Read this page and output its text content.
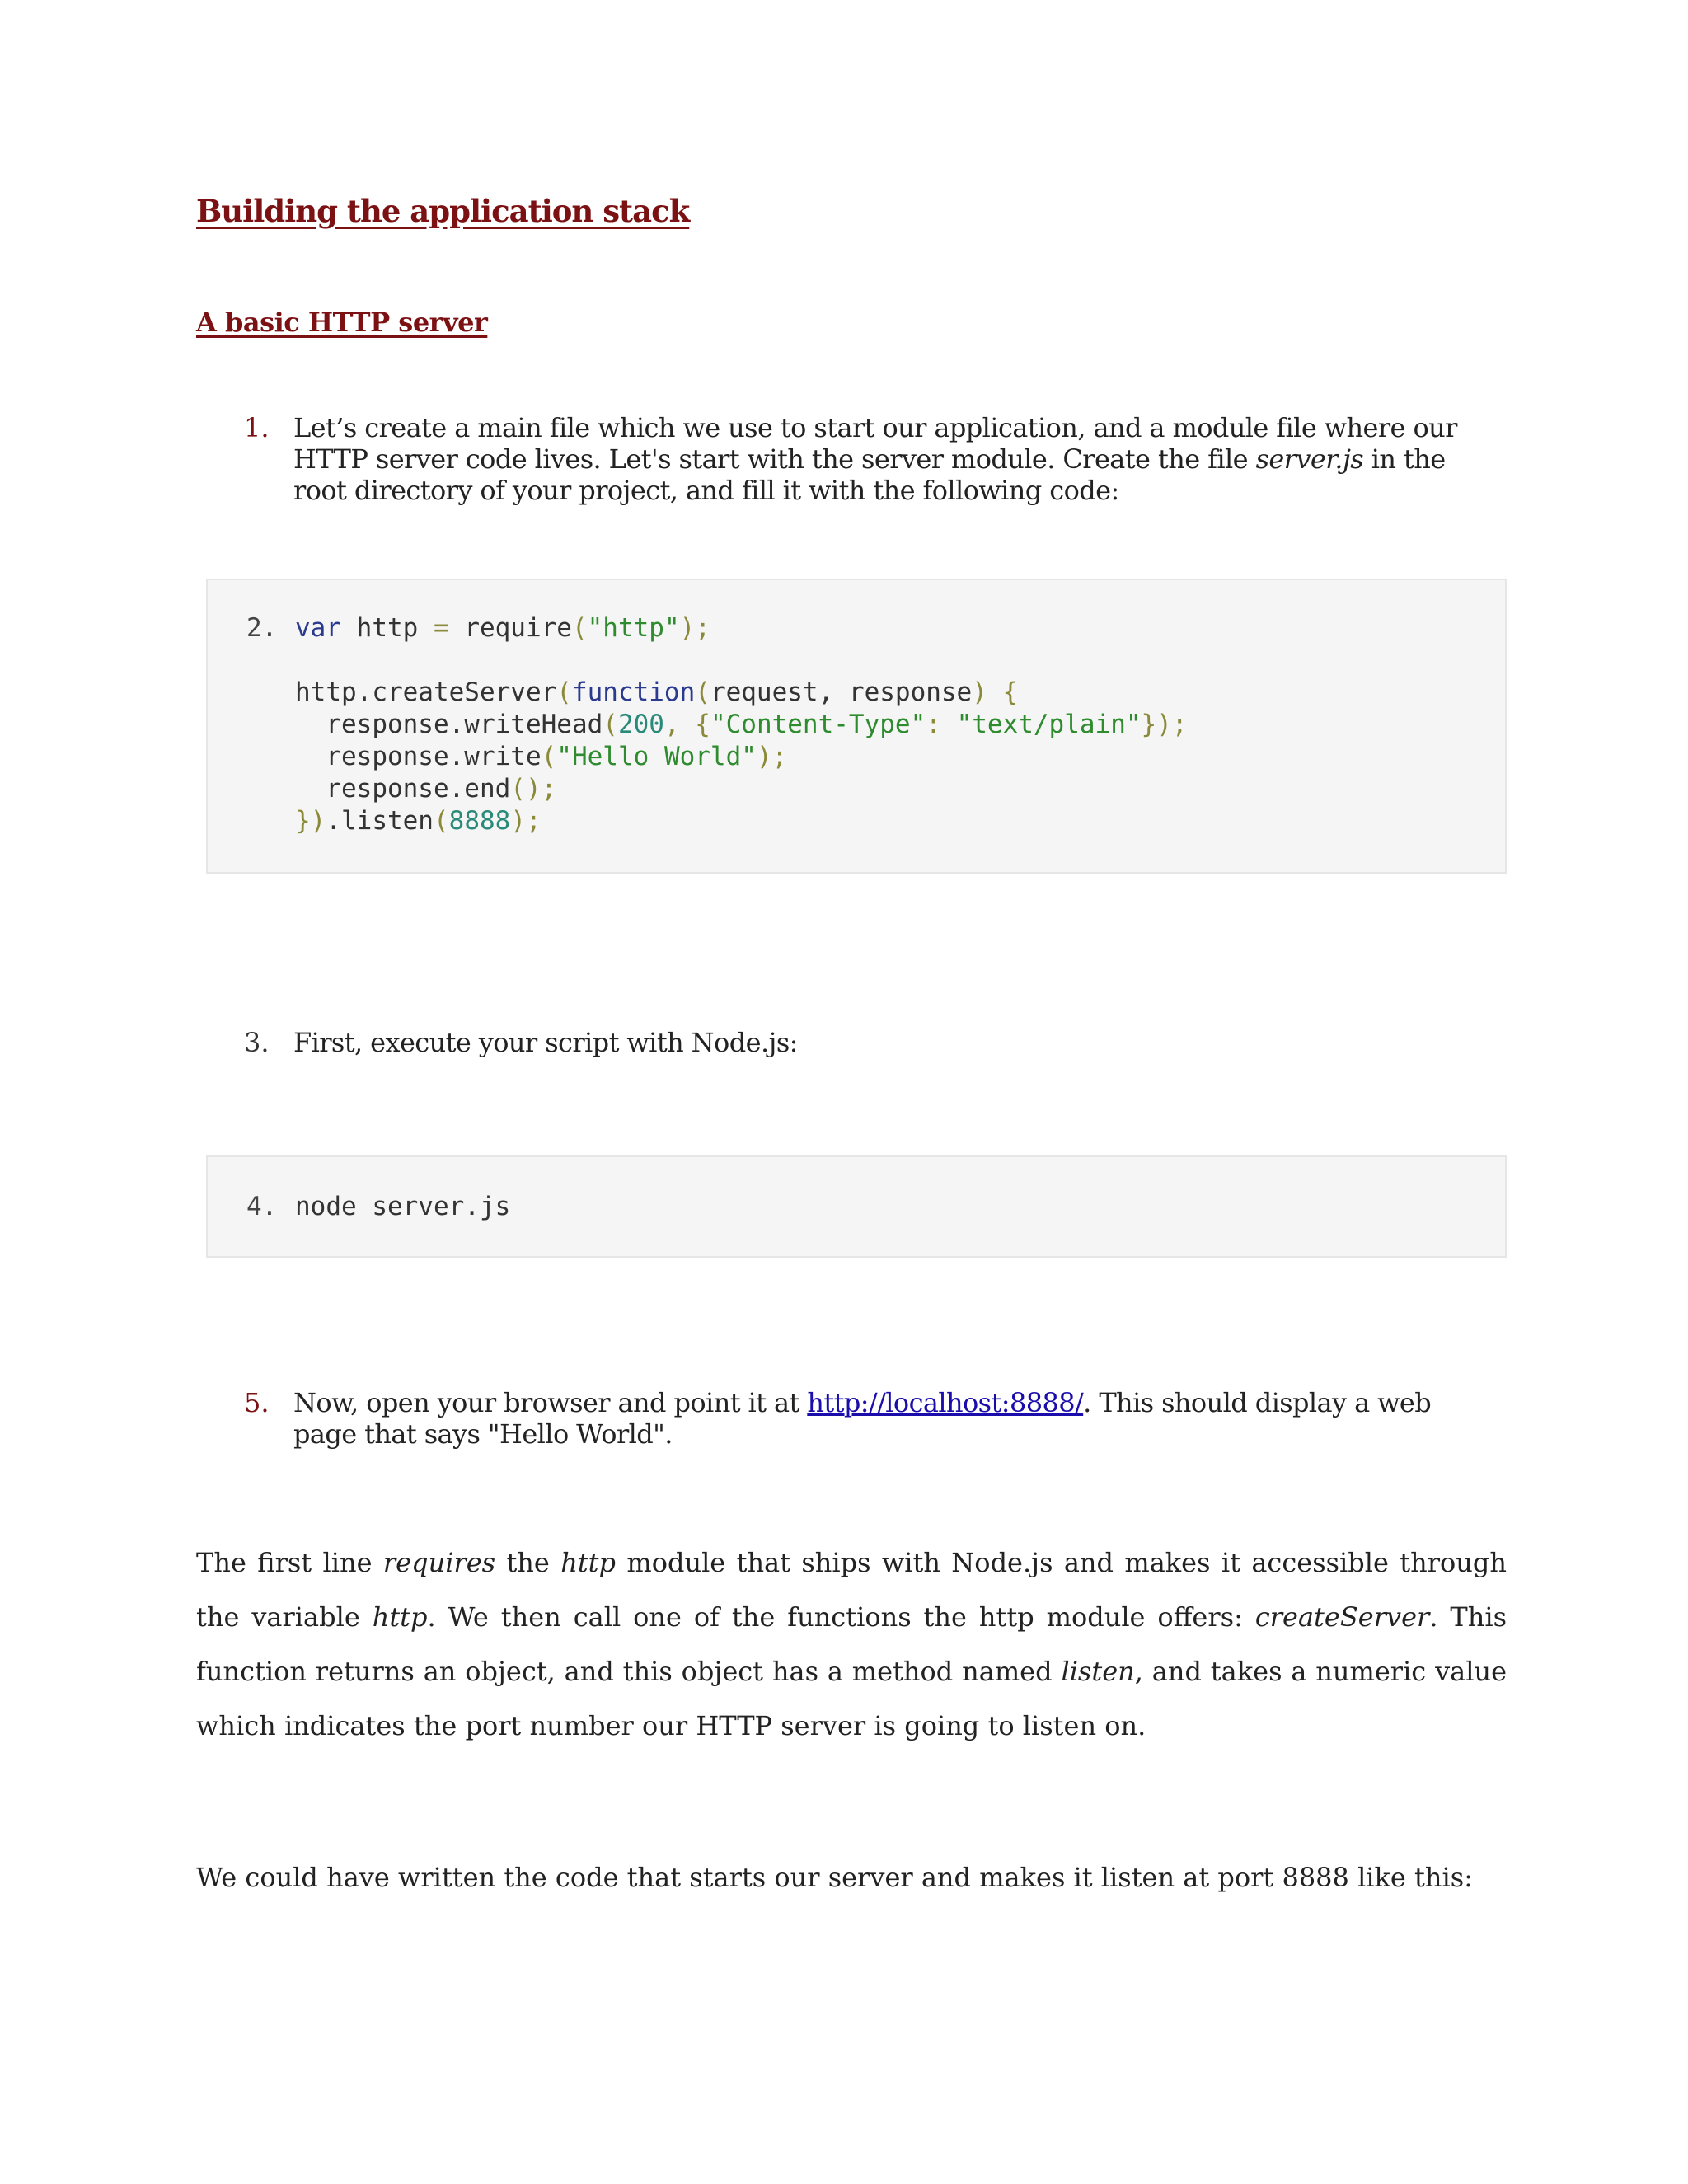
Building the application stack
A basic HTTP server
1. Let’s create a main file which we use to start our application, and a module file where our HTTP server code lives. Let's start with the server module. Create the file server.js in the root directory of your project, and fill it with the following code:
2. var http = require("http");

http.createServer(function(request, response) {
response.writeHead(200, {"Content-Type": "text/plain"});
response.write("Hello World");
response.end();
}).listen(8888);
3. First, execute your script with Node.js:
4. node server.js
5. Now, open your browser and point it at http://localhost:8888/. This should display a web page that says "Hello World".

The first line requires the http module that ships with Node.js and makes it accessible through the variable http. We then call one of the functions the http module offers: createServer. This function returns an object, and this object has a method named listen, and takes a numeric value which indicates the port number our HTTP server is going to listen on.

We could have written the code that starts our server and makes it listen at port 8888 like this:
